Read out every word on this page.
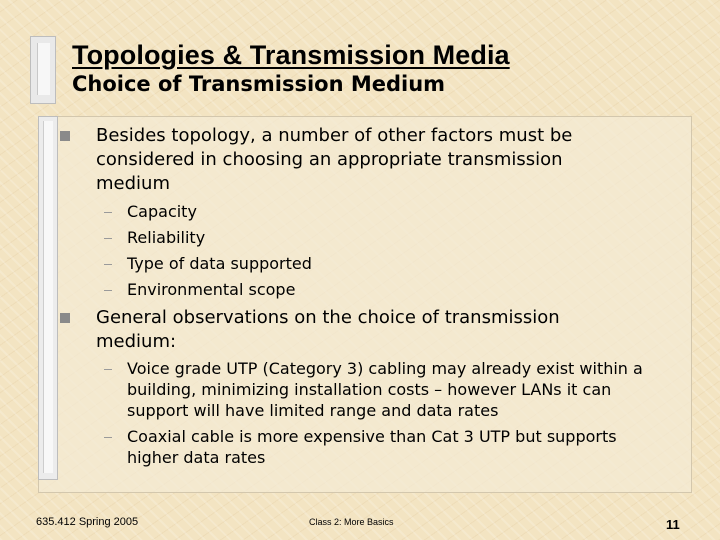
Topologies & Transmission Media
Choice of Transmission Medium

Besides topology, a number of other factors must be considered in choosing an appropriate transmission medium

Capacity

Reliability

Type of data supported

Environmental scope

General observations on the choice of transmission medium:

Voice grade UTP (Category 3) cabling may already exist within a building, minimizing installation costs – however LANs it can support will have limited range and data rates

Coaxial cable is more expensive than Cat 3 UTP but supports higher data rates

635.412 Spring 2005	Class 2: More Basics	11
